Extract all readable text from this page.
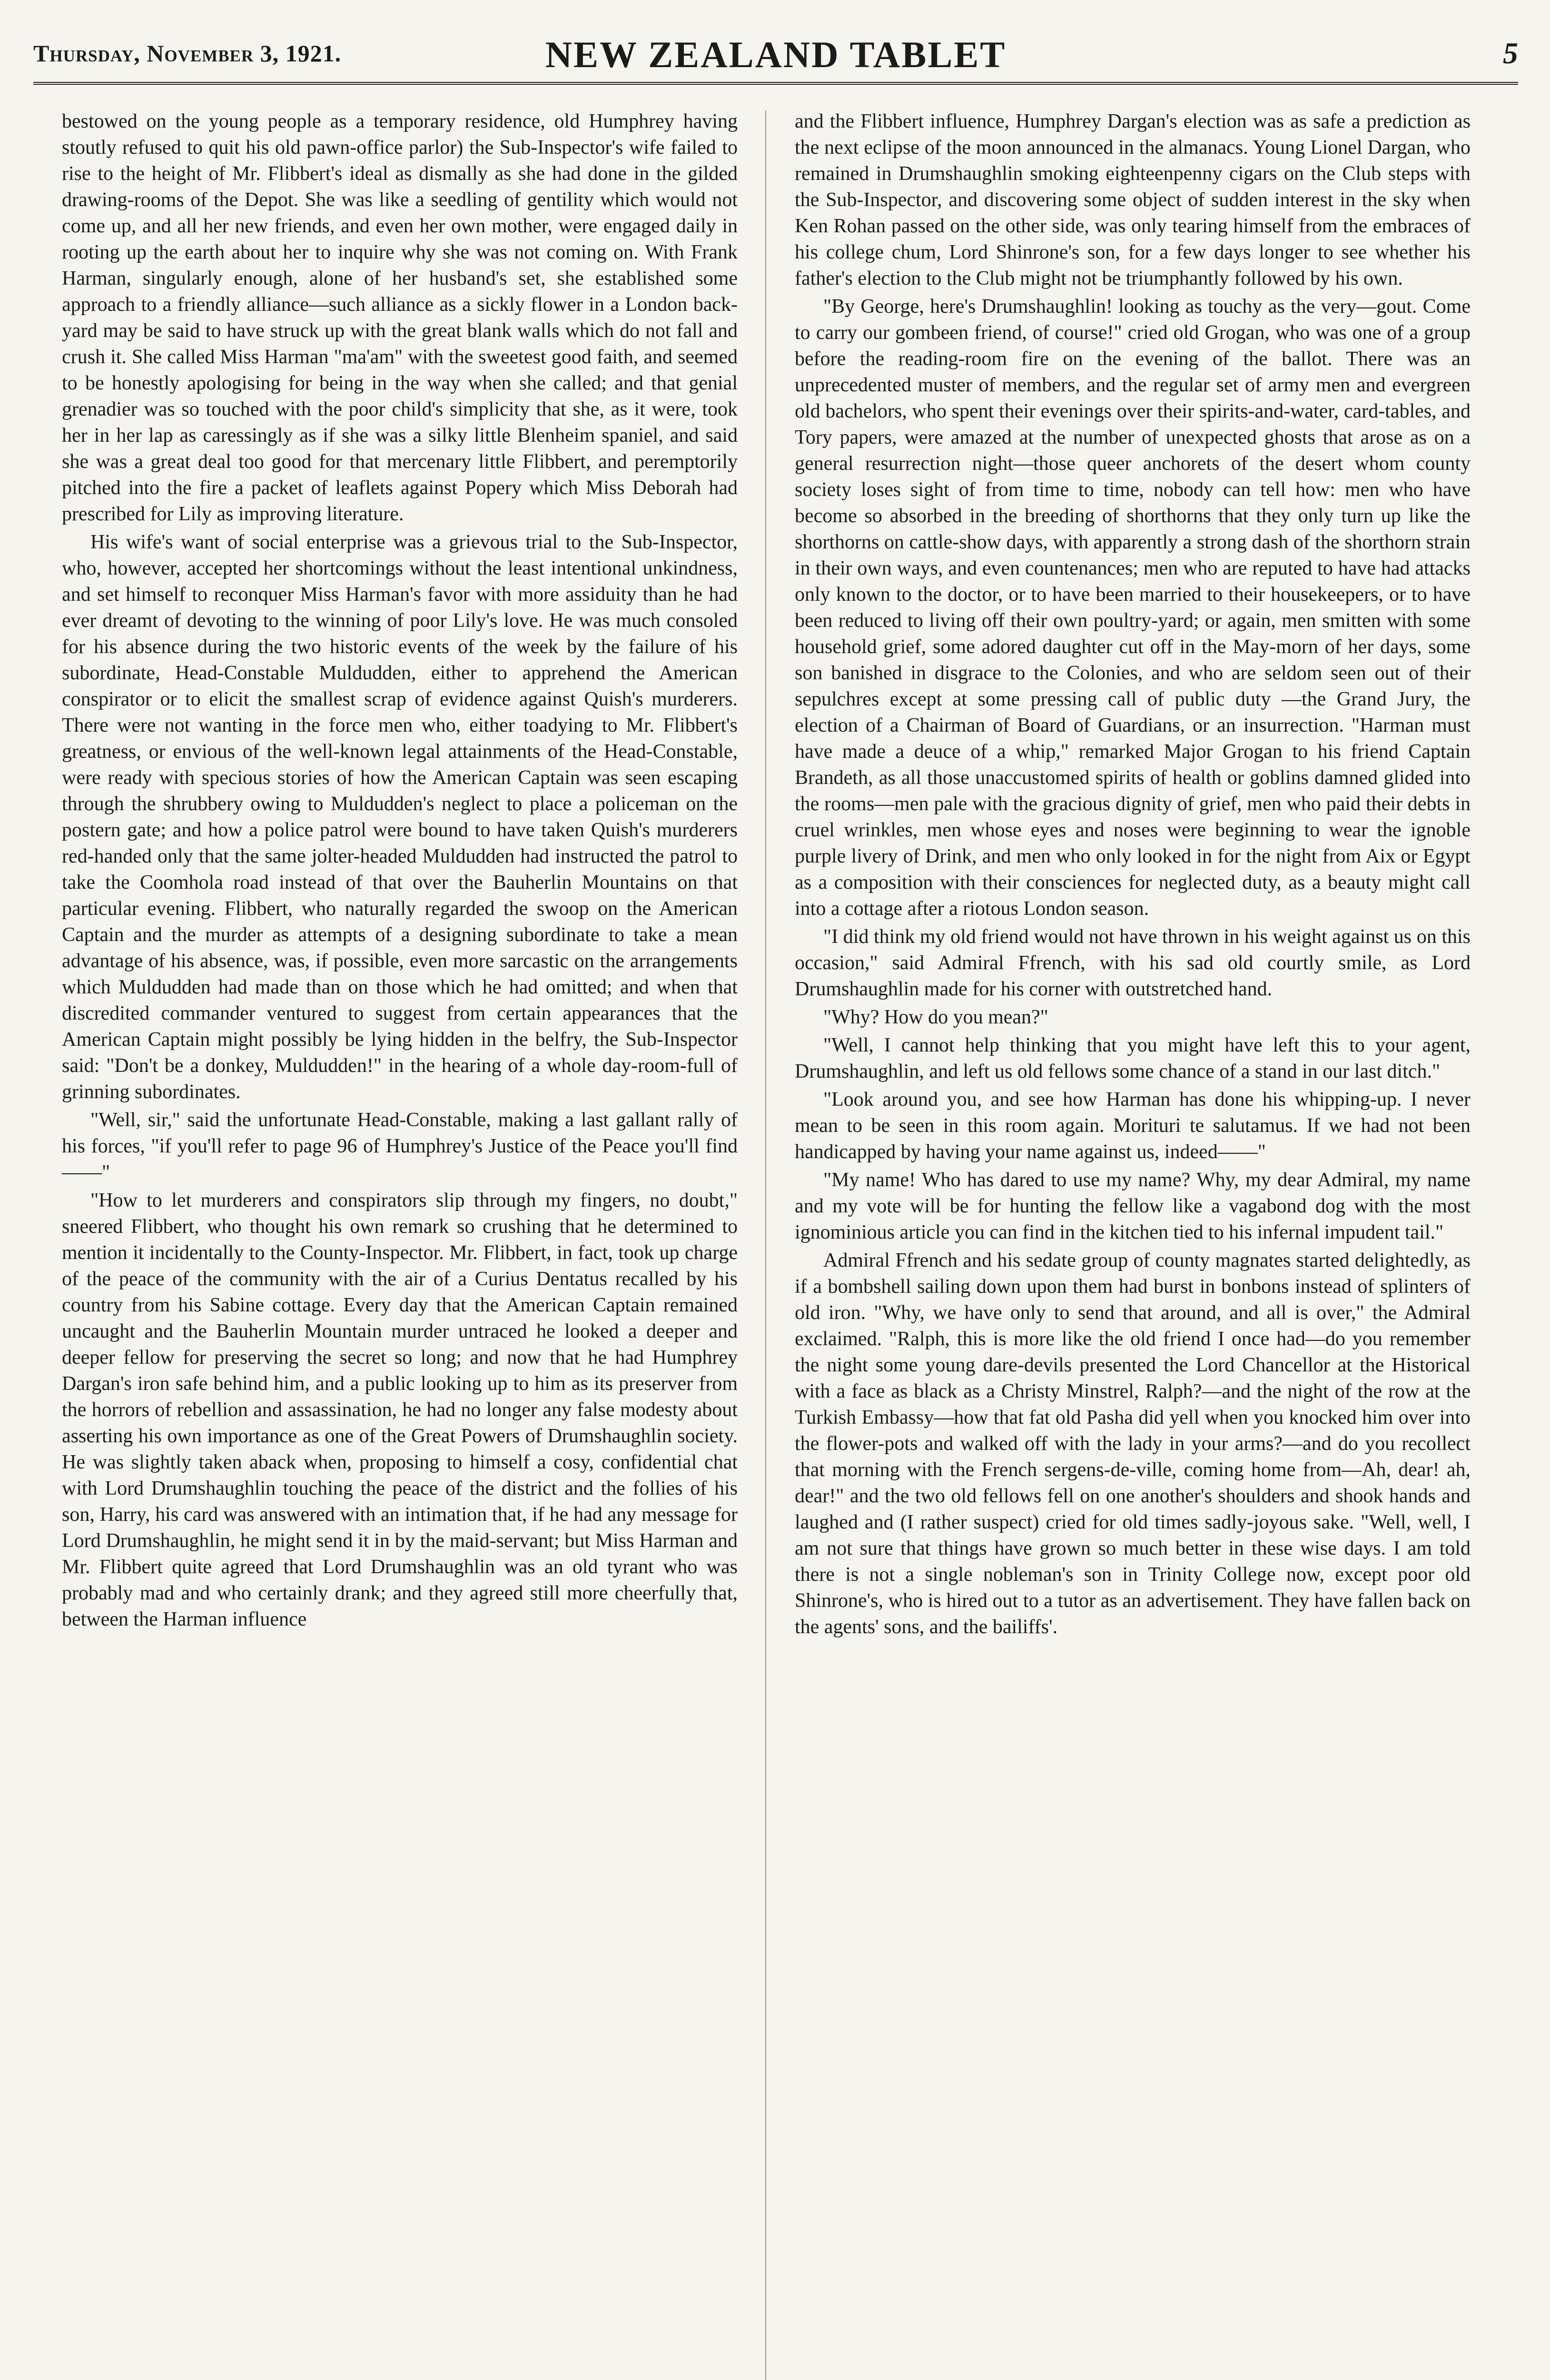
Thursday, November 3, 1921.	NEW ZEALAND TABLET	5

bestowed on the young people as a temporary residence, old Humphrey having stoutly refused to quit his old pawn-office parlor) the Sub-Inspector's wife failed to rise to the height of Mr. Flibbert's ideal as dismally as she had done in the gilded drawing-rooms of the Depot. She was like a seedling of gentility which would not come up, and all her new friends, and even her own mother, were engaged daily in rooting up the earth about her to inquire why she was not coming on. With Frank Harman, singularly enough, alone of her husband's set, she established some approach to a friendly alliance—such alliance as a sickly flower in a London back-yard may be said to have struck up with the great blank walls which do not fall and crush it. She called Miss Harman "ma'am" with the sweetest good faith, and seemed to be honestly apologising for being in the way when she called; and that genial grenadier was so touched with the poor child's simplicity that she, as it were, took her in her lap as caressingly as if she was a silky little Blenheim spaniel, and said she was a great deal too good for that mercenary little Flibbert, and peremptorily pitched into the fire a packet of leaflets against Popery which Miss Deborah had prescribed for Lily as improving literature.

His wife's want of social enterprise was a grievous trial to the Sub-Inspector, who, however, accepted her shortcomings without the least intentional unkindness, and set himself to reconquer Miss Harman's favor with more assiduity than he had ever dreamt of devoting to the winning of poor Lily's love. He was much consoled for his absence during the two historic events of the week by the failure of his subordinate, Head-Constable Muldudden, either to apprehend the American conspirator or to elicit the smallest scrap of evidence against Quish's murderers. There were not wanting in the force men who, either toadying to Mr. Flibbert's greatness, or envious of the well-known legal attainments of the Head-Constable, were ready with specious stories of how the American Captain was seen escaping through the shrubbery owing to Muldudden's neglect to place a policeman on the postern gate; and how a police patrol were bound to have taken Quish's murderers red-handed only that the same jolter-headed Muldudden had instructed the patrol to take the Coomhola road instead of that over the Bauherlin Mountains on that particular evening. Flibbert, who naturally regarded the swoop on the American Captain and the murder as attempts of a designing subordinate to take a mean advantage of his absence, was, if possible, even more sarcastic on the arrangements which Muldudden had made than on those which he had omitted; and when that discredited commander ventured to suggest from certain appearances that the American Captain might possibly be lying hidden in the belfry, the Sub-Inspector said: "Don't be a donkey, Muldudden!" in the hearing of a whole day-room-full of grinning subordinates.

"Well, sir," said the unfortunate Head-Constable, making a last gallant rally of his forces, "if you'll refer to page 96 of Humphrey's Justice of the Peace you'll find——"

"How to let murderers and conspirators slip through my fingers, no doubt," sneered Flibbert, who thought his own remark so crushing that he determined to mention it incidentally to the County-Inspector. Mr. Flibbert, in fact, took up charge of the peace of the community with the air of a Curius Dentatus recalled by his country from his Sabine cottage. Every day that the American Captain remained uncaught and the Bauherlin Mountain murder untraced he looked a deeper and deeper fellow for preserving the secret so long; and now that he had Humphrey Dargan's iron safe behind him, and a public looking up to him as its preserver from the horrors of rebellion and assassination, he had no longer any false modesty about asserting his own importance as one of the Great Powers of Drumshaughlin society. He was slightly taken aback when, proposing to himself a cosy, confidential chat with Lord Drumshaughlin touching the peace of the district and the follies of his son, Harry, his card was answered with an intimation that, if he had any message for Lord Drumshaughlin, he might send it in by the maid-servant; but Miss Harman and Mr. Flibbert quite agreed that Lord Drumshaughlin was an old tyrant who was probably mad and who certainly drank; and they agreed still more cheerfully that, between the Harman influence

and the Flibbert influence, Humphrey Dargan's election was as safe a prediction as the next eclipse of the moon announced in the almanacs. Young Lionel Dargan, who remained in Drumshaughlin smoking eighteenpenny cigars on the Club steps with the Sub-Inspector, and discovering some object of sudden interest in the sky when Ken Rohan passed on the other side, was only tearing himself from the embraces of his college chum, Lord Shinrone's son, for a few days longer to see whether his father's election to the Club might not be triumphantly followed by his own.

"By George, here's Drumshaughlin! looking as touchy as the very—gout. Come to carry our gombeen friend, of course!" cried old Grogan, who was one of a group before the reading-room fire on the evening of the ballot. There was an unprecedented muster of members, and the regular set of army men and evergreen old bachelors, who spent their evenings over their spirits-and-water, card-tables, and Tory papers, were amazed at the number of unexpected ghosts that arose as on a general resurrection night—those queer anchorets of the desert whom county society loses sight of from time to time, nobody can tell how: men who have become so absorbed in the breeding of shorthorns that they only turn up like the shorthorns on cattle-show days, with apparently a strong dash of the shorthorn strain in their own ways, and even countenances; men who are reputed to have had attacks only known to the doctor, or to have been married to their housekeepers, or to have been reduced to living off their own poultry-yard; or again, men smitten with some household grief, some adored daughter cut off in the May-morn of her days, some son banished in disgrace to the Colonies, and who are seldom seen out of their sepulchres except at some pressing call of public duty —the Grand Jury, the election of a Chairman of Board of Guardians, or an insurrection. "Harman must have made a deuce of a whip," remarked Major Grogan to his friend Captain Brandeth, as all those unaccustomed spirits of health or goblins damned glided into the rooms—men pale with the gracious dignity of grief, men who paid their debts in cruel wrinkles, men whose eyes and noses were beginning to wear the ignoble purple livery of Drink, and men who only looked in for the night from Aix or Egypt as a composition with their consciences for neglected duty, as a beauty might call into a cottage after a riotous London season.

"I did think my old friend would not have thrown in his weight against us on this occasion," said Admiral Ffrench, with his sad old courtly smile, as Lord Drumshaughlin made for his corner with outstretched hand.

"Why? How do you mean?"

"Well, I cannot help thinking that you might have left this to your agent, Drumshaughlin, and left us old fellows some chance of a stand in our last ditch."

"Look around you, and see how Harman has done his whipping-up. I never mean to be seen in this room again. Morituri te salutamus. If we had not been handicapped by having your name against us, indeed——"

"My name! Who has dared to use my name? Why, my dear Admiral, my name and my vote will be for hunting the fellow like a vagabond dog with the most ignominious article you can find in the kitchen tied to his infernal impudent tail."

Admiral Ffrench and his sedate group of county magnates started delightedly, as if a bombshell sailing down upon them had burst in bonbons instead of splinters of old iron. "Why, we have only to send that around, and all is over," the Admiral exclaimed. "Ralph, this is more like the old friend I once had—do you remember the night some young dare-devils presented the Lord Chancellor at the Historical with a face as black as a Christy Minstrel, Ralph?—and the night of the row at the Turkish Embassy—how that fat old Pasha did yell when you knocked him over into the flower-pots and walked off with the lady in your arms?—and do you recollect that morning with the French sergens-de-ville, coming home from—Ah, dear! ah, dear!" and the two old fellows fell on one another's shoulders and shook hands and laughed and (I rather suspect) cried for old times sadly-joyous sake. "Well, well, I am not sure that things have grown so much better in these wise days. I am told there is not a single nobleman's son in Trinity College now, except poor old Shinrone's, who is hired out to a tutor as an advertisement. They have fallen back on the agents' sons, and the bailiffs'.
